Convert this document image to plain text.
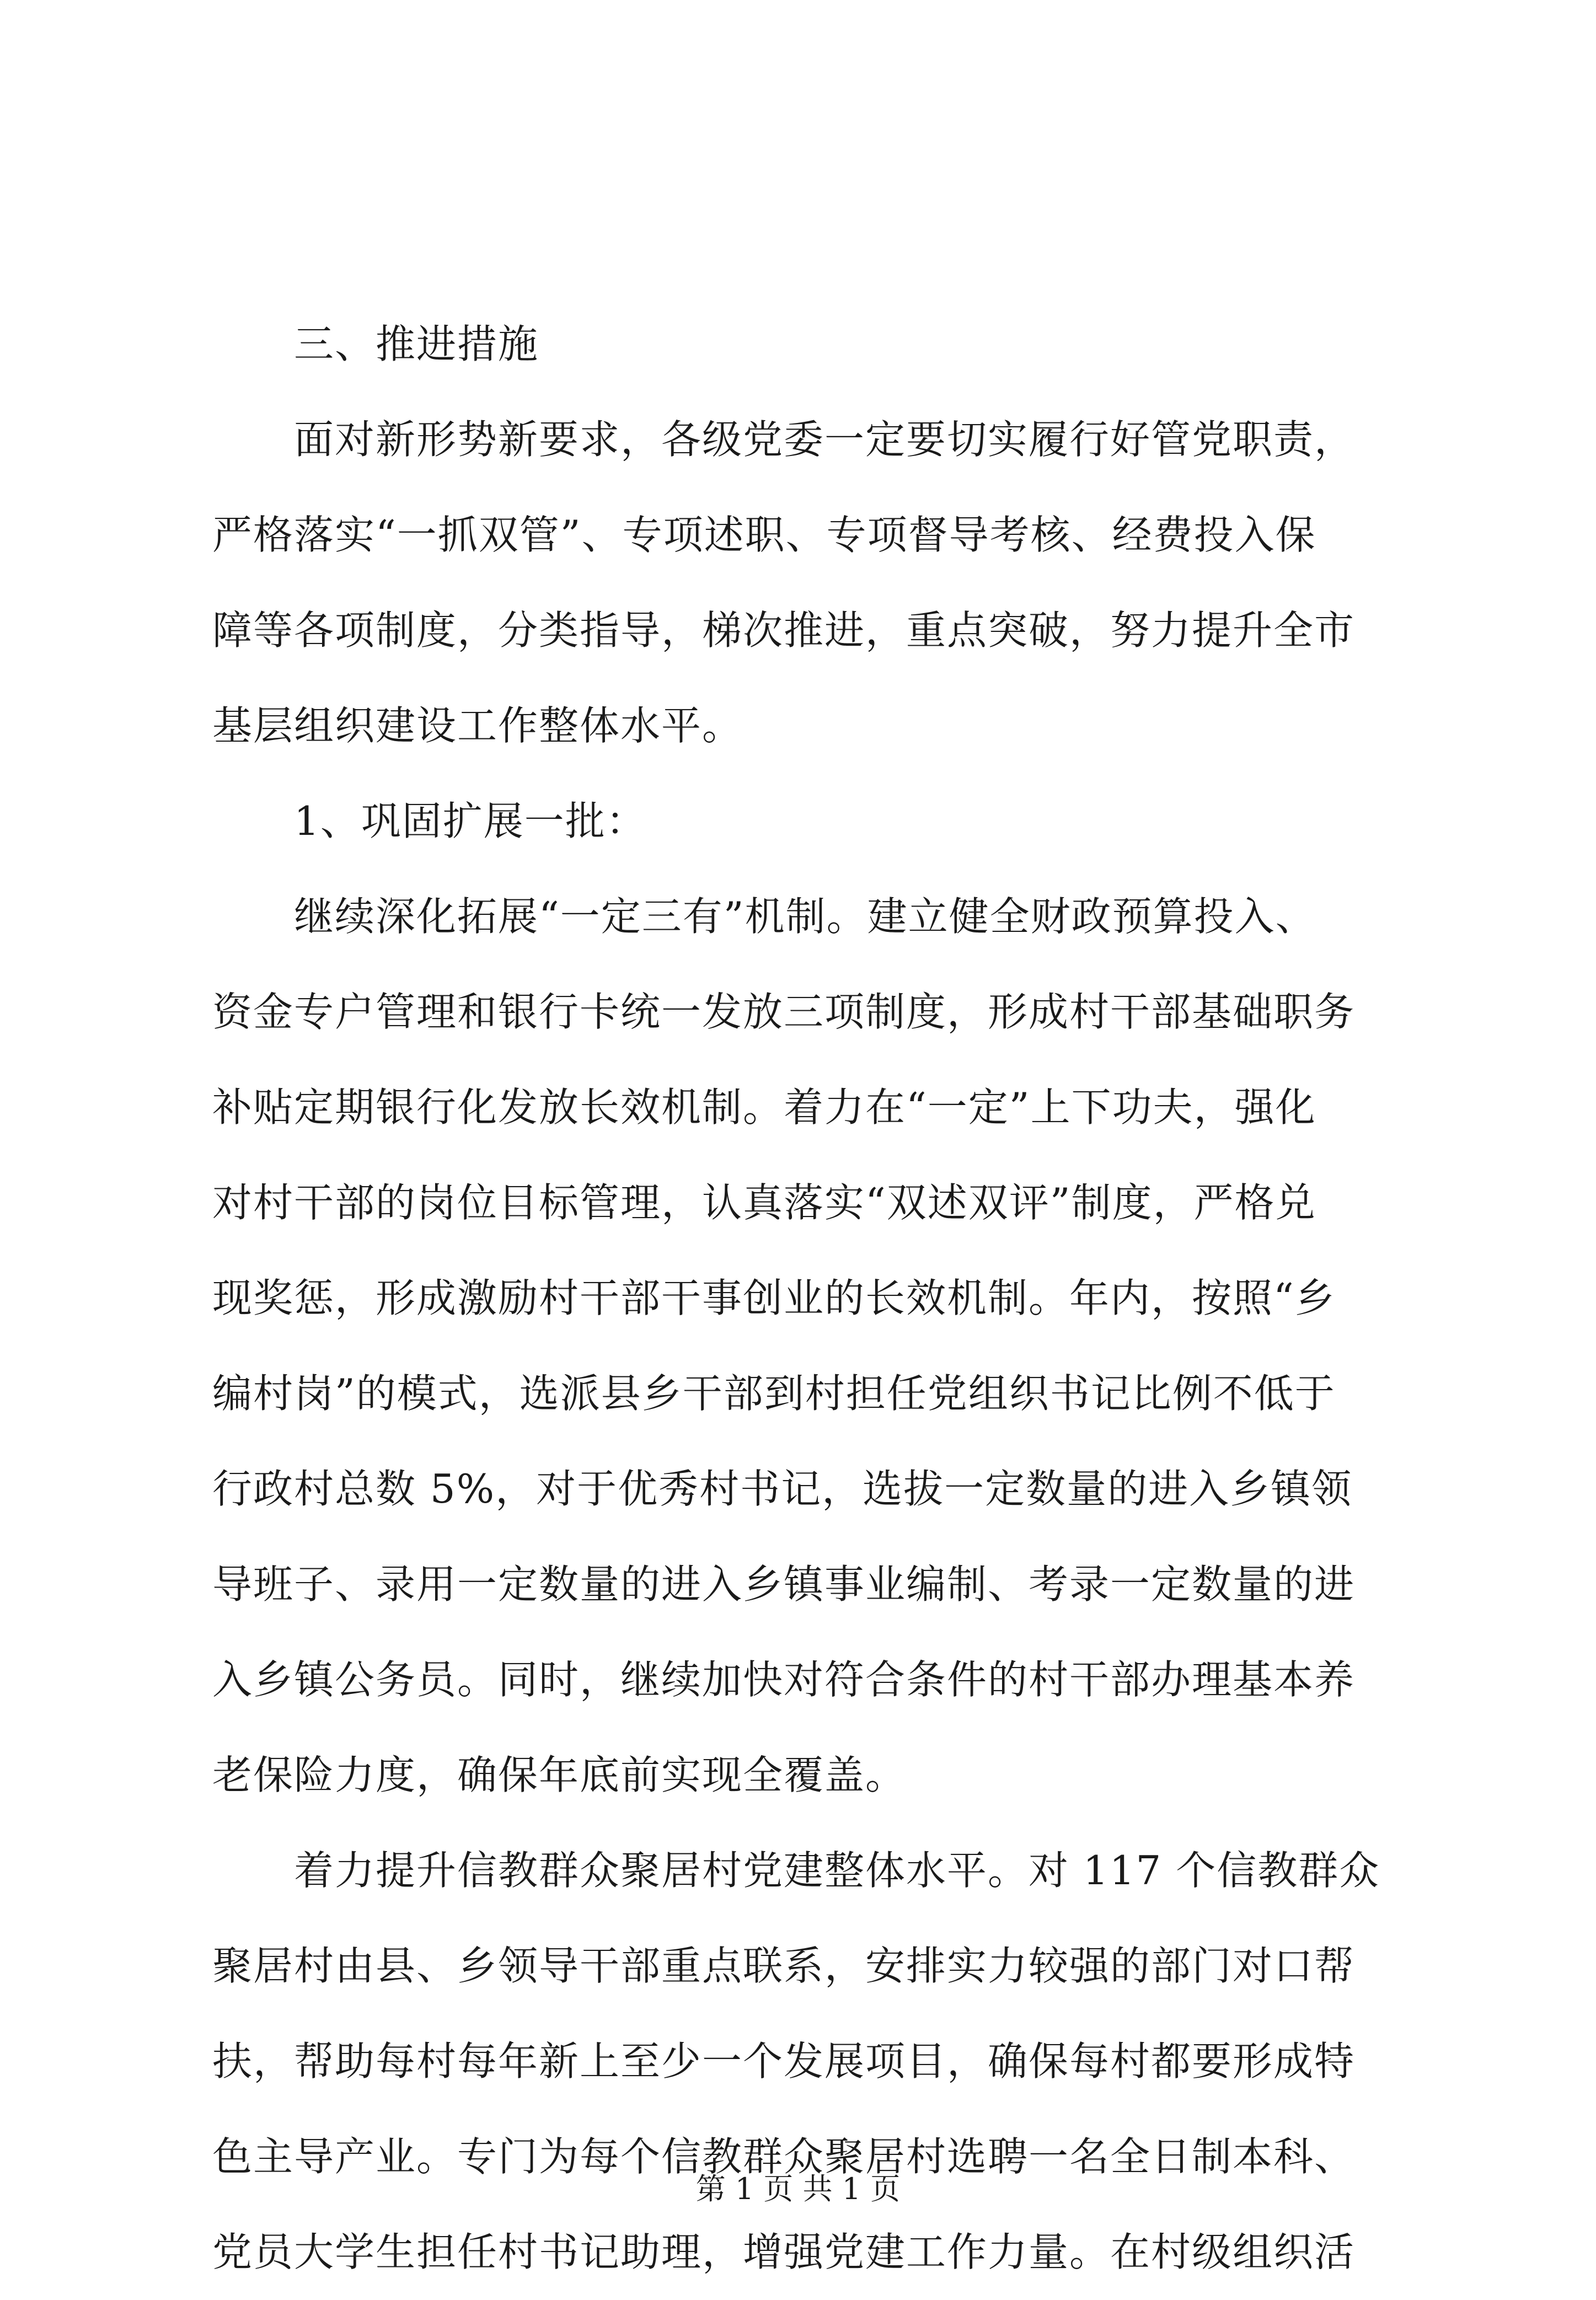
　　三、推进措施
　　面对新形势新要求，各级党委一定要切实履行好管党职责，
严格落实“一抓双管”、专项述职、专项督导考核、经费投入保
障等各项制度，分类指导，梯次推进，重点突破，努力提升全市
基层组织建设工作整体水平。
　　1、巩固扩展一批：
　　继续深化拓展“一定三有”机制。建立健全财政预算投入、
资金专户管理和银行卡统一发放三项制度，形成村干部基础职务
补贴定期银行化发放长效机制。着力在“一定”上下功夫，强化
对村干部的岗位目标管理，认真落实“双述双评”制度，严格兑
现奖惩，形成激励村干部干事创业的长效机制。年内，按照“乡
编村岗”的模式，选派县乡干部到村担任党组织书记比例不低于
行政村总数 5%，对于优秀村书记，选拔一定数量的进入乡镇领
导班子、录用一定数量的进入乡镇事业编制、考录一定数量的进
入乡镇公务员。同时，继续加快对符合条件的村干部办理基本养
老保险力度，确保年底前实现全覆盖。
　　着力提升信教群众聚居村党建整体水平。对 117 个信教群众
聚居村由县、乡领导干部重点联系，安排实力较强的部门对口帮
扶，帮助每村每年新上至少一个发展项目，确保每村都要形成特
色主导产业。专门为每个信教群众聚居村选聘一名全日制本科、
党员大学生担任村书记助理，增强党建工作力量。在村级组织活
第 1 页 共 1 页
